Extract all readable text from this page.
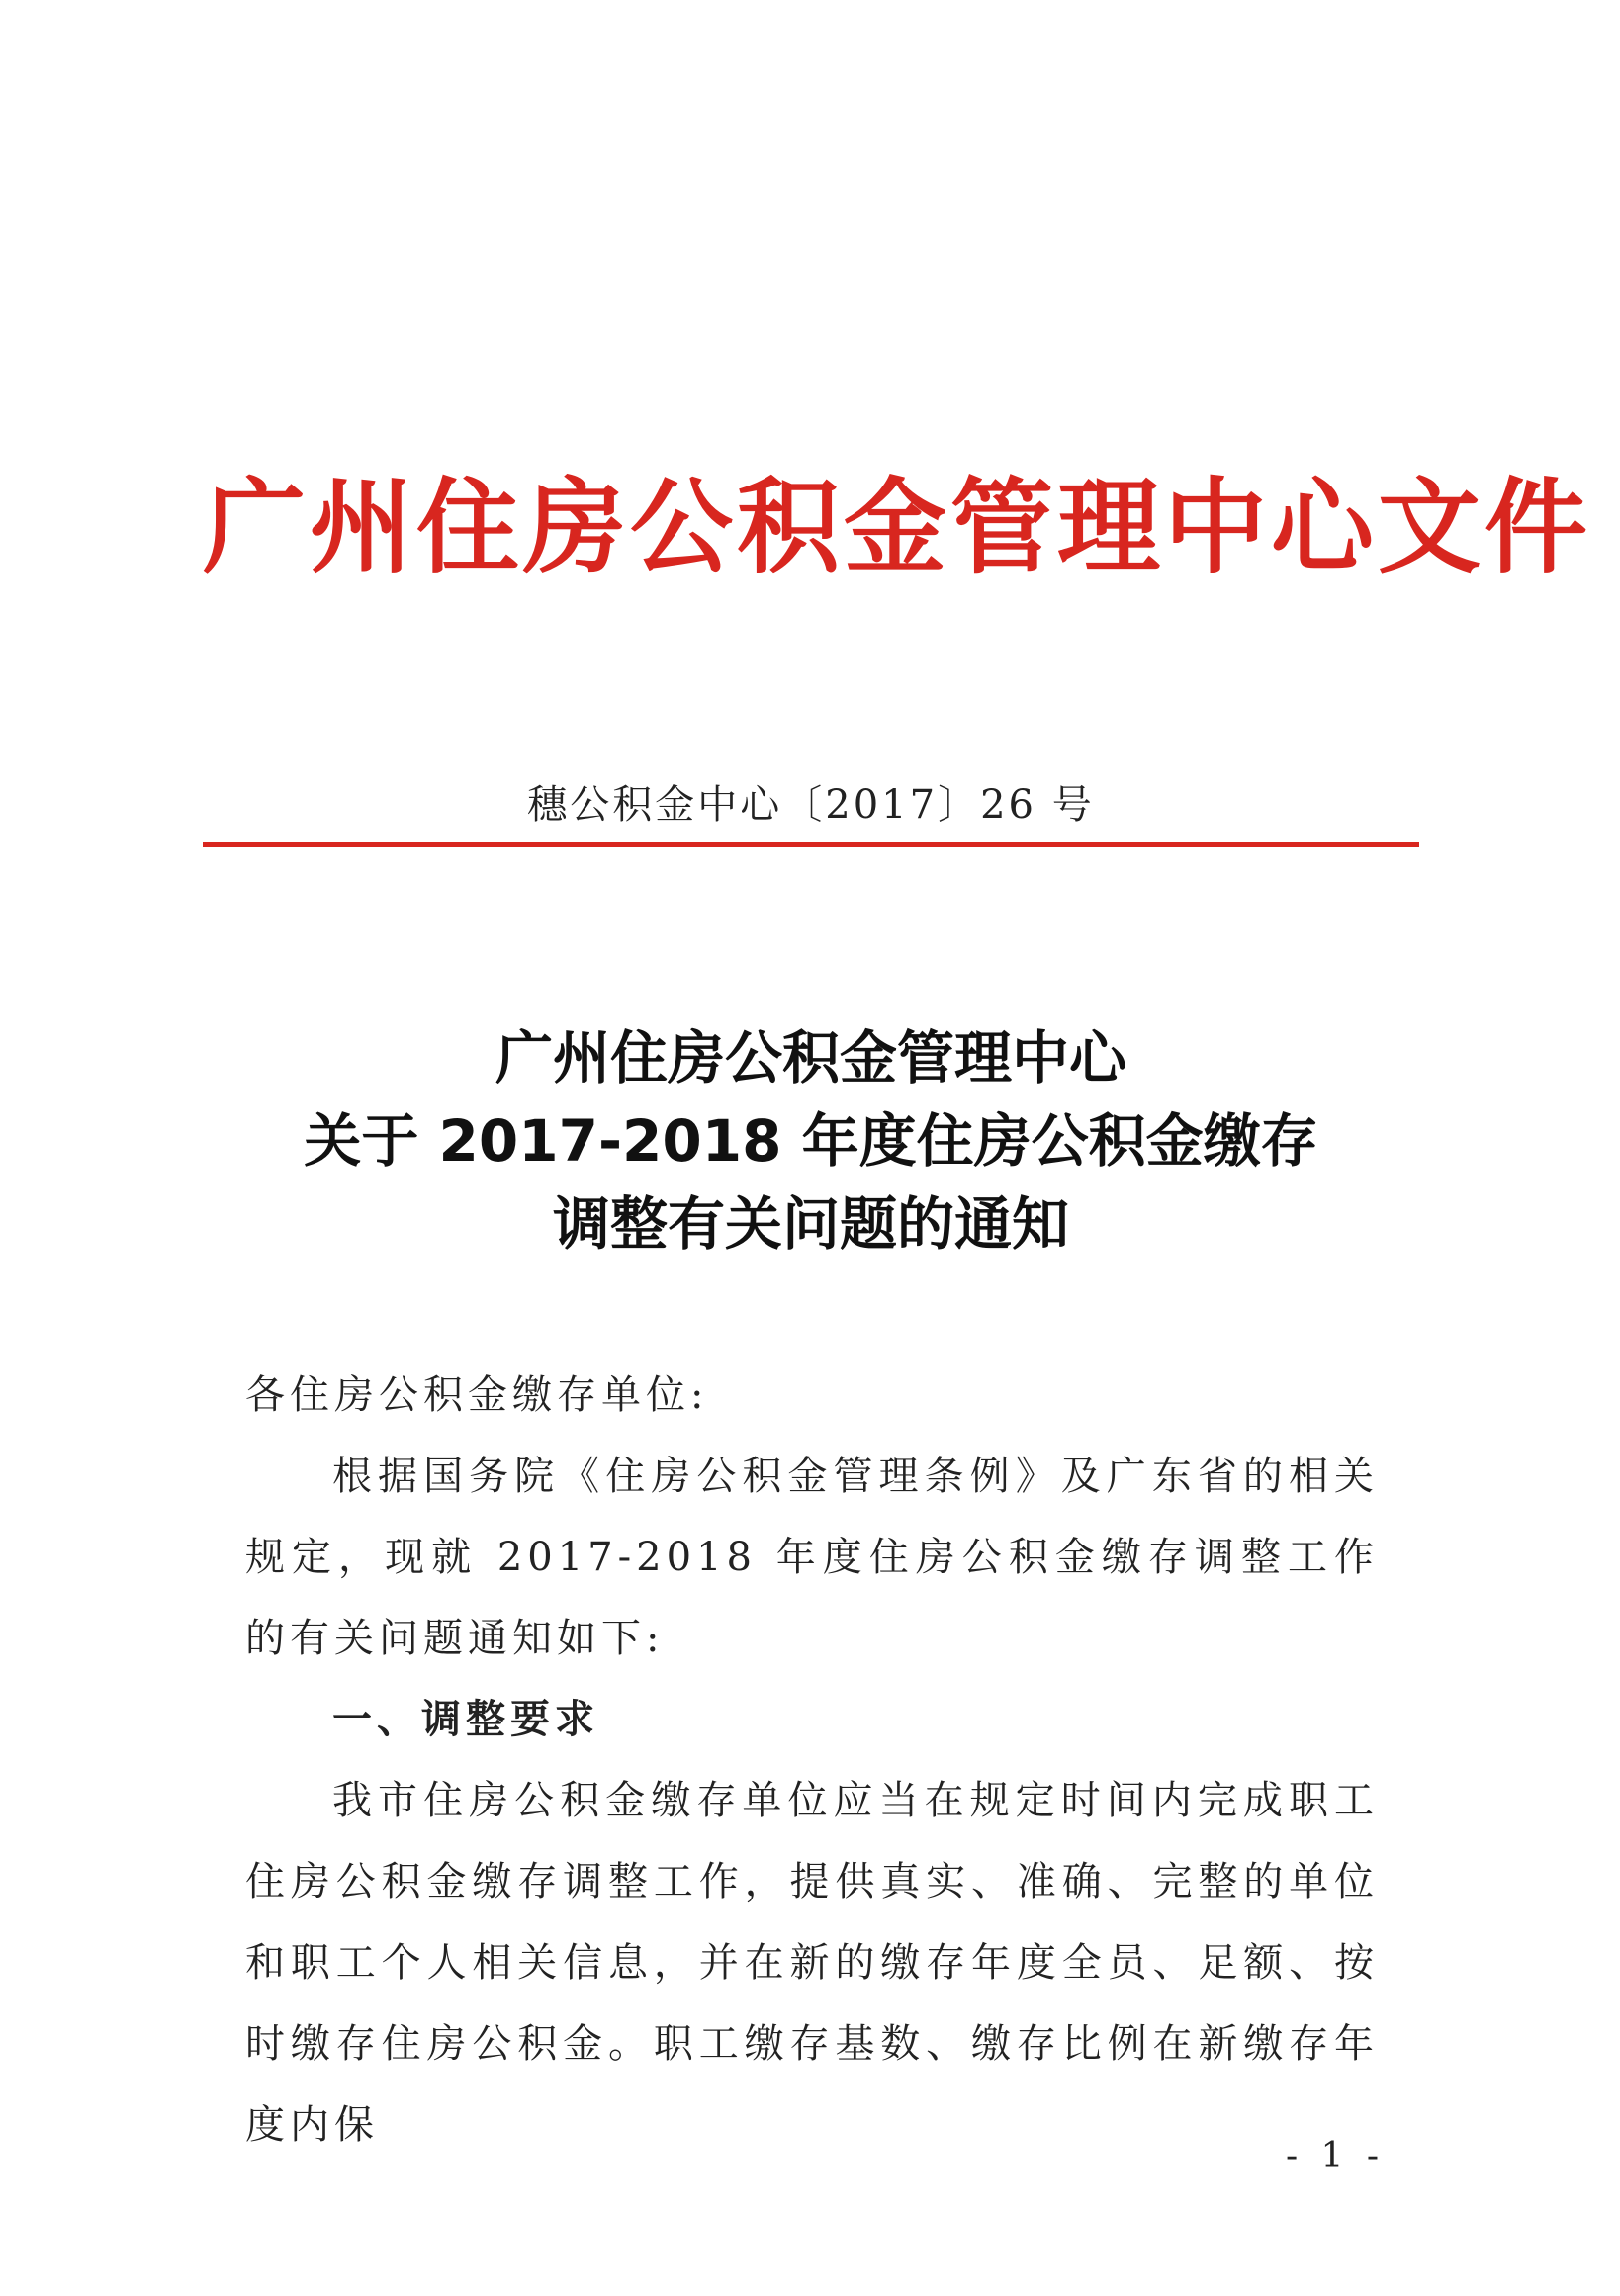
广州住房公积金管理中心文件
穗公积金中心〔2017〕26 号
广州住房公积金管理中心
关于 2017-2018 年度住房公积金缴存
调整有关问题的通知

各住房公积金缴存单位:

根据国务院《住房公积金管理条例》及广东省的相关规定，现就 2017-2018 年度住房公积金缴存调整工作的有关问题通知如下:

一、调整要求

我市住房公积金缴存单位应当在规定时间内完成职工住房公积金缴存调整工作，提供真实、准确、完整的单位和职工个人相关信息，并在新的缴存年度全员、足额、按时缴存住房公积金。职工缴存基数、缴存比例在新缴存年度内保

- 1 -
